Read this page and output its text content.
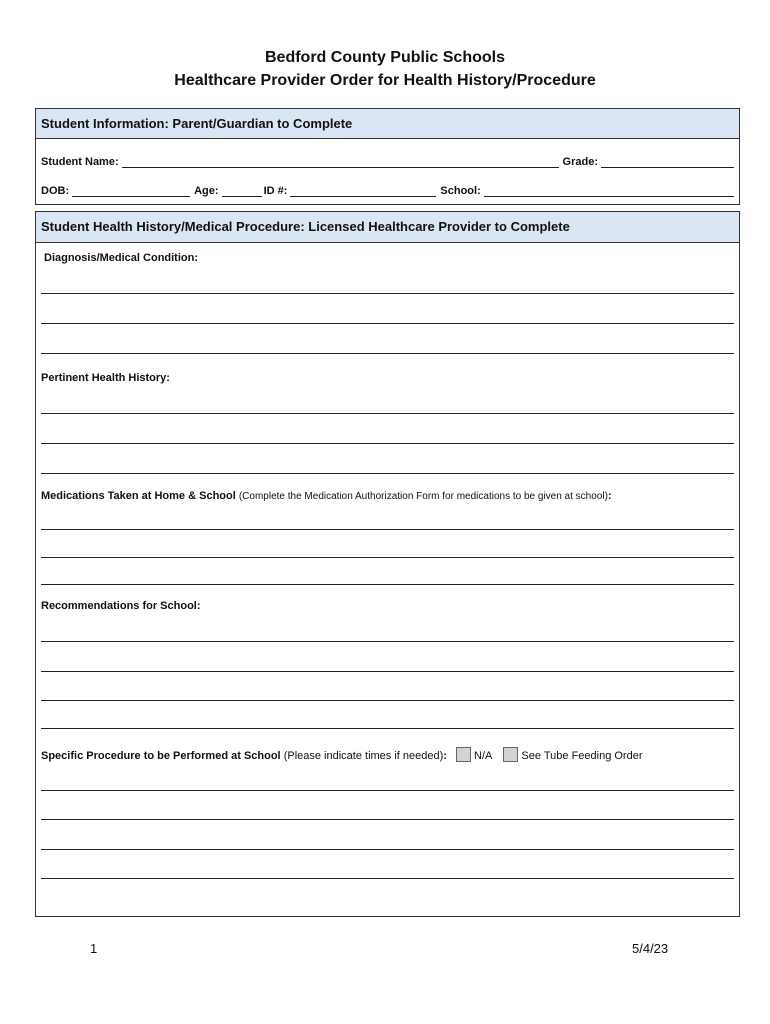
Bedford County Public Schools
Healthcare Provider Order for Health History/Procedure
Student Information: Parent/Guardian to Complete
Student Name:	Grade:
DOB:	Age:	ID #:	School:
Student Health History/Medical Procedure: Licensed Healthcare Provider to Complete
Diagnosis/Medical Condition:
Pertinent Health History:
Medications Taken at Home & School (Complete the Medication Authorization Form for medications to be given at school):
Recommendations for School:
Specific Procedure to be Performed at School (Please indicate times if needed): N/A	See Tube Feeding Order
1	5/4/23
